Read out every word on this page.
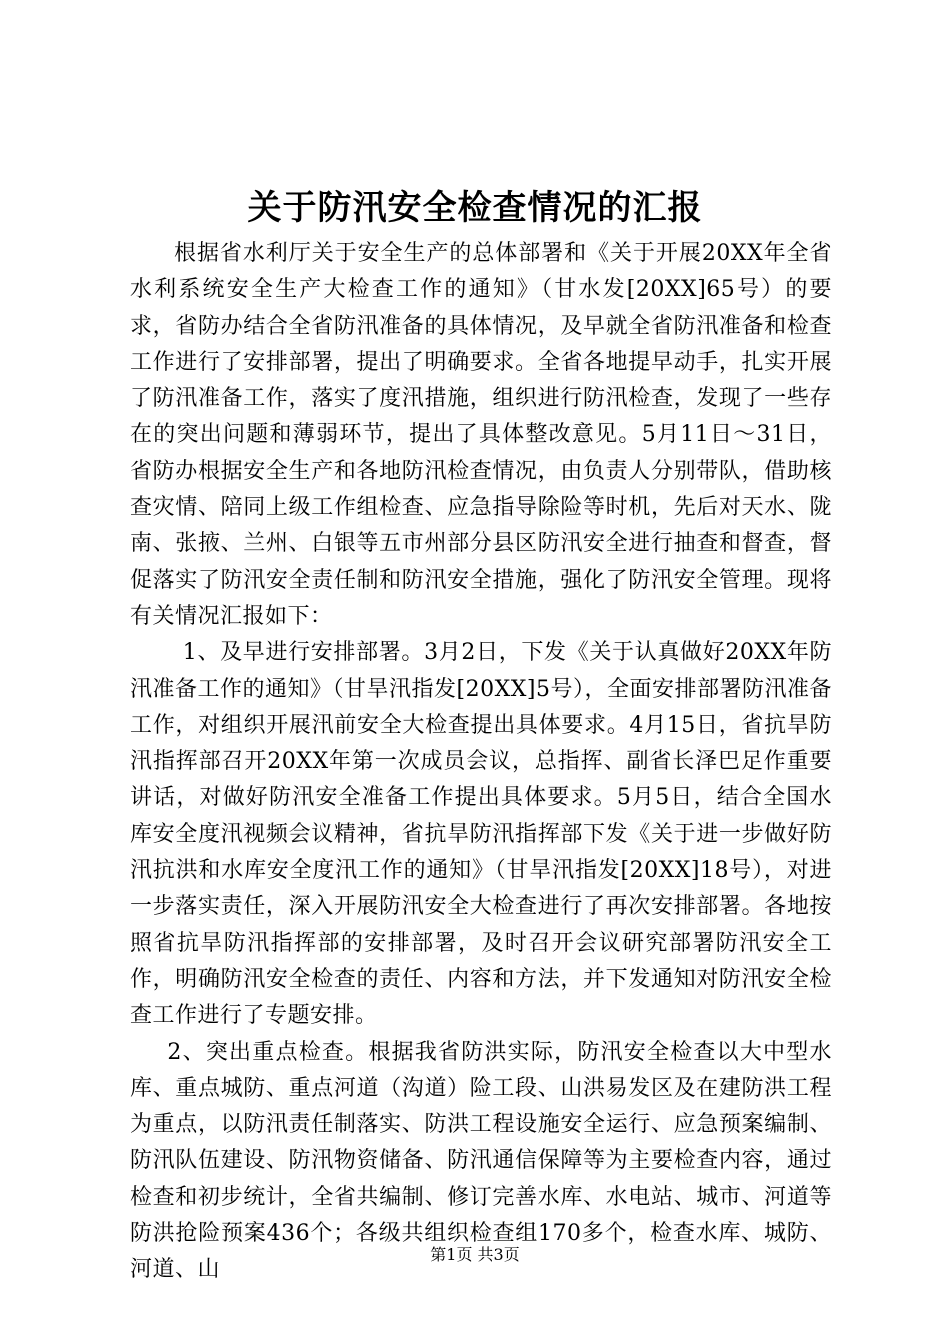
关于防汛安全检查情况的汇报

根据省水利厅关于安全生产的总体部署和《关于开展20XX年全省水利系统安全生产大检查工作的通知》（甘水发[20XX]65号）的要求，省防办结合全省防汛准备的具体情况，及早就全省防汛准备和检查工作进行了安排部署，提出了明确要求。全省各地提早动手，扎实开展了防汛准备工作，落实了度汛措施，组织进行防汛检查，发现了一些存在的突出问题和薄弱环节，提出了具体整改意见。5月11日～31日，省防办根据安全生产和各地防汛检查情况，由负责人分别带队，借助核查灾情、陪同上级工作组检查、应急指导除险等时机，先后对天水、陇南、张掖、兰州、白银等五市州部分县区防汛安全进行抽查和督查，督促落实了防汛安全责任制和防汛安全措施，强化了防汛安全管理。现将有关情况汇报如下：

1、及早进行安排部署。3月2日，下发《关于认真做好20XX年防汛准备工作的通知》（甘旱汛指发[20XX]5号），全面安排部署防汛准备工作，对组织开展汛前安全大检查提出具体要求。4月15日，省抗旱防汛指挥部召开20XX年第一次成员会议，总指挥、副省长泽巴足作重要讲话，对做好防汛安全准备工作提出具体要求。5月5日，结合全国水库安全度汛视频会议精神，省抗旱防汛指挥部下发《关于进一步做好防汛抗洪和水库安全度汛工作的通知》（甘旱汛指发[20XX]18号），对进一步落实责任，深入开展防汛安全大检查进行了再次安排部署。各地按照省抗旱防汛指挥部的安排部署，及时召开会议研究部署防汛安全工作，明确防汛安全检查的责任、内容和方法，并下发通知对防汛安全检查工作进行了专题安排。

2、突出重点检查。根据我省防洪实际，防汛安全检查以大中型水库、重点城防、重点河道（沟道）险工段、山洪易发区及在建防洪工程为重点，以防汛责任制落实、防洪工程设施安全运行、应急预案编制、防汛队伍建设、防汛物资储备、防汛通信保障等为主要检查内容，通过检查和初步统计，全省共编制、修订完善水库、水电站、城市、河道等防洪抢险预案436个；各级共组织检查组170多个，检查水库、城防、河道、山

第1页 共3页
